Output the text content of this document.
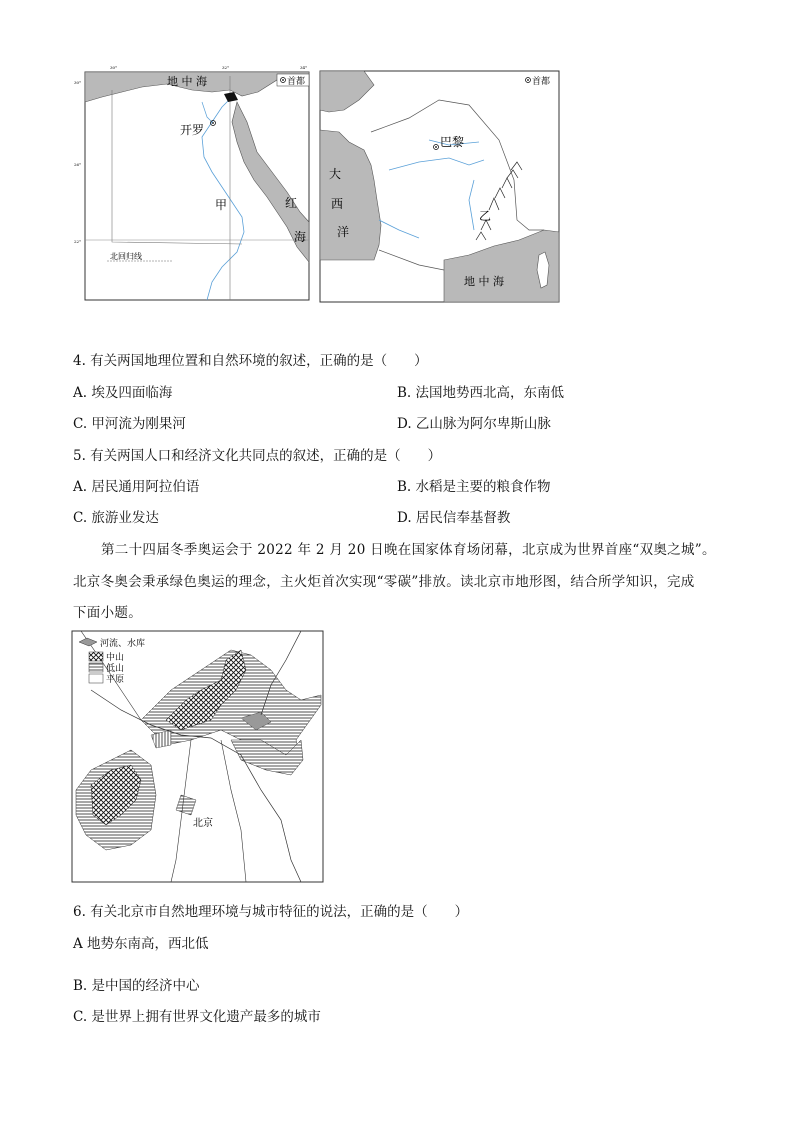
30°	32°	34°
30°
26°
22°
地 中 海	首都
开罗
甲	红
海
北回归线
首都
巴黎
大
西
洋
乙
地 中 海
4. 有关两国地理位置和自然环境的叙述，正确的是（　　）
A. 埃及四面临海	B. 法国地势西北高，东南低
C. 甲河流为刚果河	D. 乙山脉为阿尔卑斯山脉
5. 有关两国人口和经济文化共同点的叙述，正确的是（　　）
A. 居民通用阿拉伯语	B. 水稻是主要的粮食作物
C. 旅游业发达	D. 居民信奉基督教
第二十四届冬季奥运会于 2022 年 2 月 20 日晚在国家体育场闭幕，北京成为世界首座“双奥之城”。
北京冬奥会秉承绿色奥运的理念，主火炬首次实现“零碳”排放。读北京市地形图，结合所学知识，完成
下面小题。
河流、水库
中山
低山
平原
北京
6. 有关北京市自然地理环境与城市特征的说法，正确的是（　　）
A 地势东南高，西北低
B. 是中国的经济中心
C. 是世界上拥有世界文化遗产最多的城市
